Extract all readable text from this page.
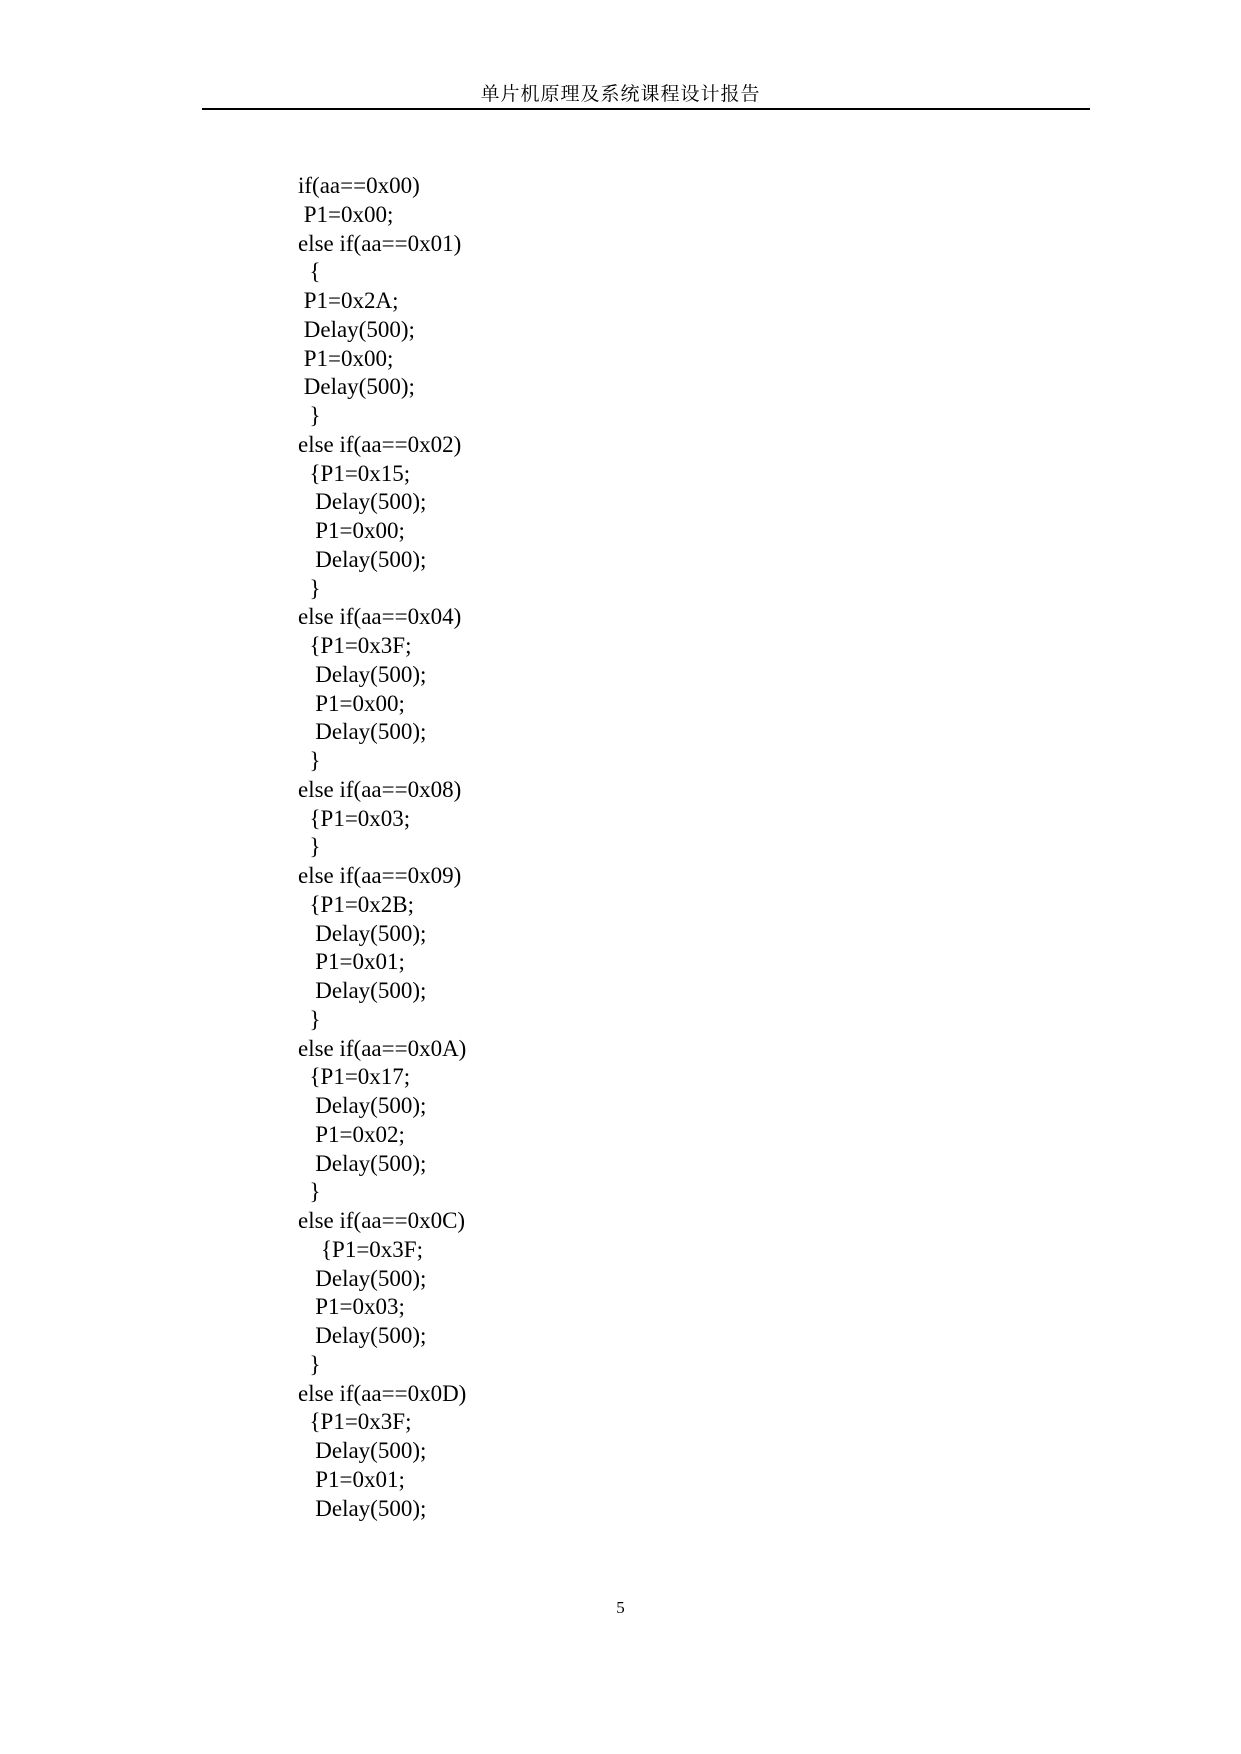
单片机原理及系统课程设计报告
if(aa==0x00)
P1=0x00;
else if(aa==0x01)
{
P1=0x2A;
Delay(500);
P1=0x00;
Delay(500);
}
else if(aa==0x02)
{P1=0x15;
Delay(500);
P1=0x00;
Delay(500);
}
else if(aa==0x04)
{P1=0x3F;
Delay(500);
P1=0x00;
Delay(500);
}
else if(aa==0x08)
{P1=0x03;
}
else if(aa==0x09)
{P1=0x2B;
Delay(500);
P1=0x01;
Delay(500);
}
else if(aa==0x0A)
{P1=0x17;
Delay(500);
P1=0x02;
Delay(500);
}
else if(aa==0x0C)
{P1=0x3F;
Delay(500);
P1=0x03;
Delay(500);
}
else if(aa==0x0D)
{P1=0x3F;
Delay(500);
P1=0x01;
Delay(500);
5
